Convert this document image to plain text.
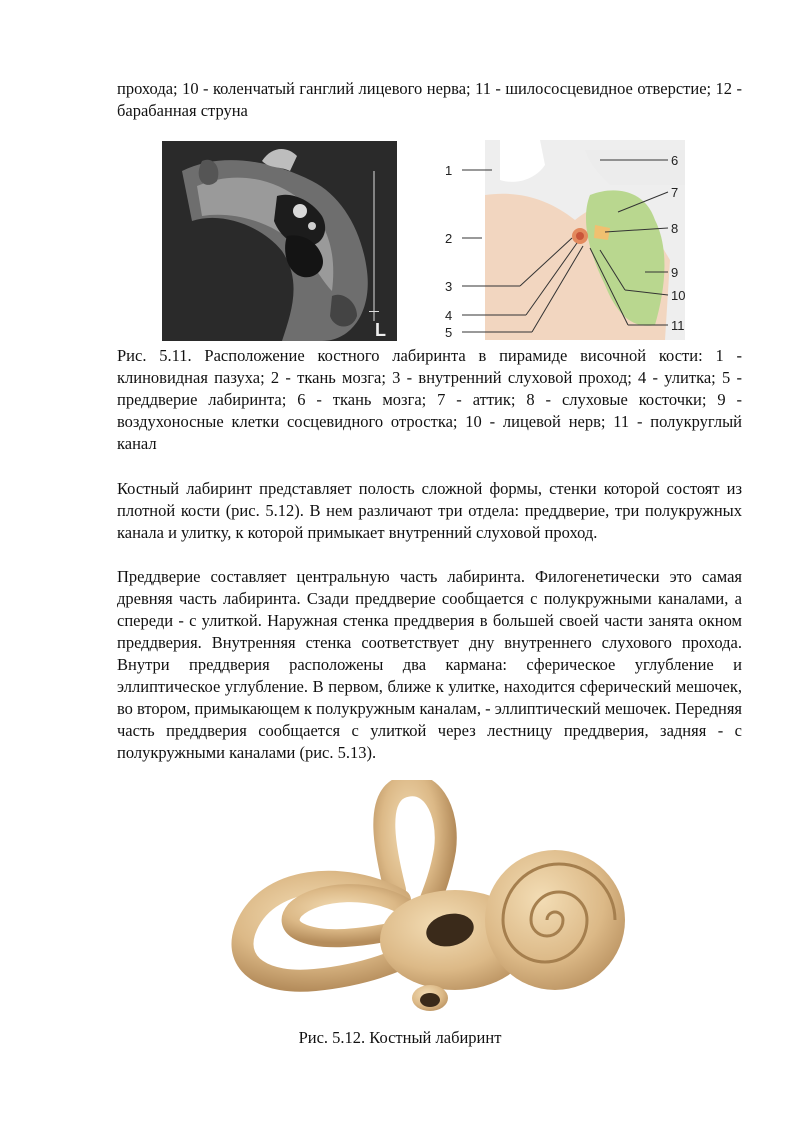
прохода; 10 - коленчатый ганглий лицевого нерва; 11 - шилососцевидное отверстие; 12 - барабанная струна

L
1
2
3
4
5
6
7
8
9
10
11

Рис. 5.11. Расположение костного лабиринта в пирамиде височной кости: 1 - клиновидная пазуха; 2 - ткань мозга; 3 - внутренний слуховой проход; 4 - улитка; 5 - преддверие лабиринта; 6 - ткань мозга; 7 - аттик; 8 - слуховые косточки; 9 - воздухоносные клетки сосцевидного отростка; 10 - лицевой нерв; 11 - полукруглый канал

Костный лабиринт представляет полость сложной формы, стенки которой состоят из плотной кости (рис. 5.12). В нем различают три отдела: преддверие, три полукружных канала и улитку, к которой примыкает внутренний слуховой проход.

Преддверие составляет центральную часть лабиринта. Филогенетически это самая древняя часть лабиринта. Сзади преддверие сообщается с полукружными каналами, а спереди - с улиткой. Наружная стенка преддверия в большей своей части занята окном преддверия. Внутренняя стенка соответствует дну внутреннего слухового прохода. Внутри преддверия расположены два кармана: сферическое углубление и эллиптическое углубление. В первом, ближе к улитке, находится сферический мешочек, во втором, примыкающем к полукружным каналам, - эллиптический мешочек. Передняя часть преддверия сообщается с улиткой через лестницу преддверия, задняя - с полукружными каналами (рис. 5.13).

Рис. 5.12. Костный лабиринт
